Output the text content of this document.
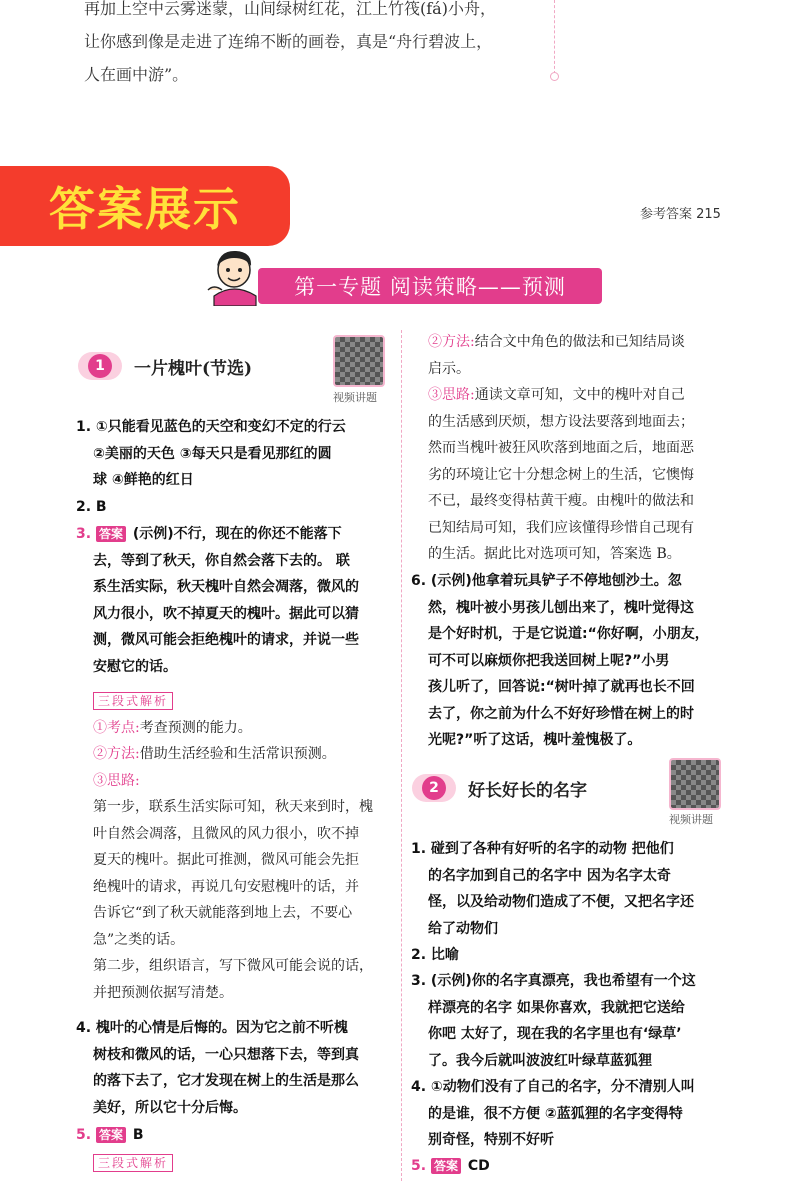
再加上空中云雾迷蒙，山间绿树红花，江上竹筏(fá)小舟，
让你感到像是走进了连绵不断的画卷，真是“舟行碧波上，
人在画中游”。
答案展示	参考答案 215
第一专题 阅读策略——预测
1	一片槐叶(节选)
视频讲题
1. ①只能看见蓝色的天空和变幻不定的行云
②美丽的天色 ③每天只是看见那红的圆
球 ④鲜艳的红日
2. B
3. 答案 (示例)不行，现在的你还不能落下
去，等到了秋天，你自然会落下去的。 联
系生活实际，秋天槐叶自然会凋落，微风的
风力很小，吹不掉夏天的槐叶。据此可以猜
测，微风可能会拒绝槐叶的请求，并说一些
安慰它的话。
三段式解析
①考点:考查预测的能力。
②方法:借助生活经验和生活常识预测。
③思路:
第一步，联系生活实际可知，秋天来到时，槐
叶自然会凋落，且微风的风力很小，吹不掉
夏天的槐叶。据此可推测，微风可能会先拒
绝槐叶的请求，再说几句安慰槐叶的话，并
告诉它“到了秋天就能落到地上去，不要心
急”之类的话。
第二步，组织语言，写下微风可能会说的话，
并把预测依据写清楚。
4. 槐叶的心情是后悔的。因为它之前不听槐
树枝和微风的话，一心只想落下去，等到真
的落下去了，它才发现在树上的生活是那么
美好，所以它十分后悔。
5. 答案 B
三段式解析
②方法:结合文中角色的做法和已知结局谈
启示。
③思路:通读文章可知，文中的槐叶对自己
的生活感到厌烦，想方设法要落到地面去；
然而当槐叶被狂风吹落到地面之后，地面恶
劣的环境让它十分想念树上的生活，它懊悔
不已，最终变得枯黄干瘦。由槐叶的做法和
已知结局可知，我们应该懂得珍惜自己现有
的生活。据此比对选项可知，答案选 B。
6. (示例)他拿着玩具铲子不停地刨沙土。忽
然，槐叶被小男孩儿刨出来了，槐叶觉得这
是个好时机，于是它说道:“你好啊，小朋友，
可不可以麻烦你把我送回树上呢?”小男
孩儿听了，回答说:“树叶掉了就再也长不回
去了，你之前为什么不好好珍惜在树上的时
光呢?”听了这话，槐叶羞愧极了。
2	好长好长的名字
视频讲题
1. 碰到了各种有好听的名字的动物 把他们
的名字加到自己的名字中 因为名字太奇
怪，以及给动物们造成了不便，又把名字还
给了动物们
2. 比喻
3. (示例)你的名字真漂亮，我也希望有一个这
样漂亮的名字 如果你喜欢，我就把它送给
你吧 太好了，现在我的名字里也有‘绿草’
了。我今后就叫波波红叶绿草蓝狐狸
4. ①动物们没有了自己的名字，分不清别人叫
的是谁，很不方便 ②蓝狐狸的名字变得特
别奇怪，特别不好听
5. 答案 CD
